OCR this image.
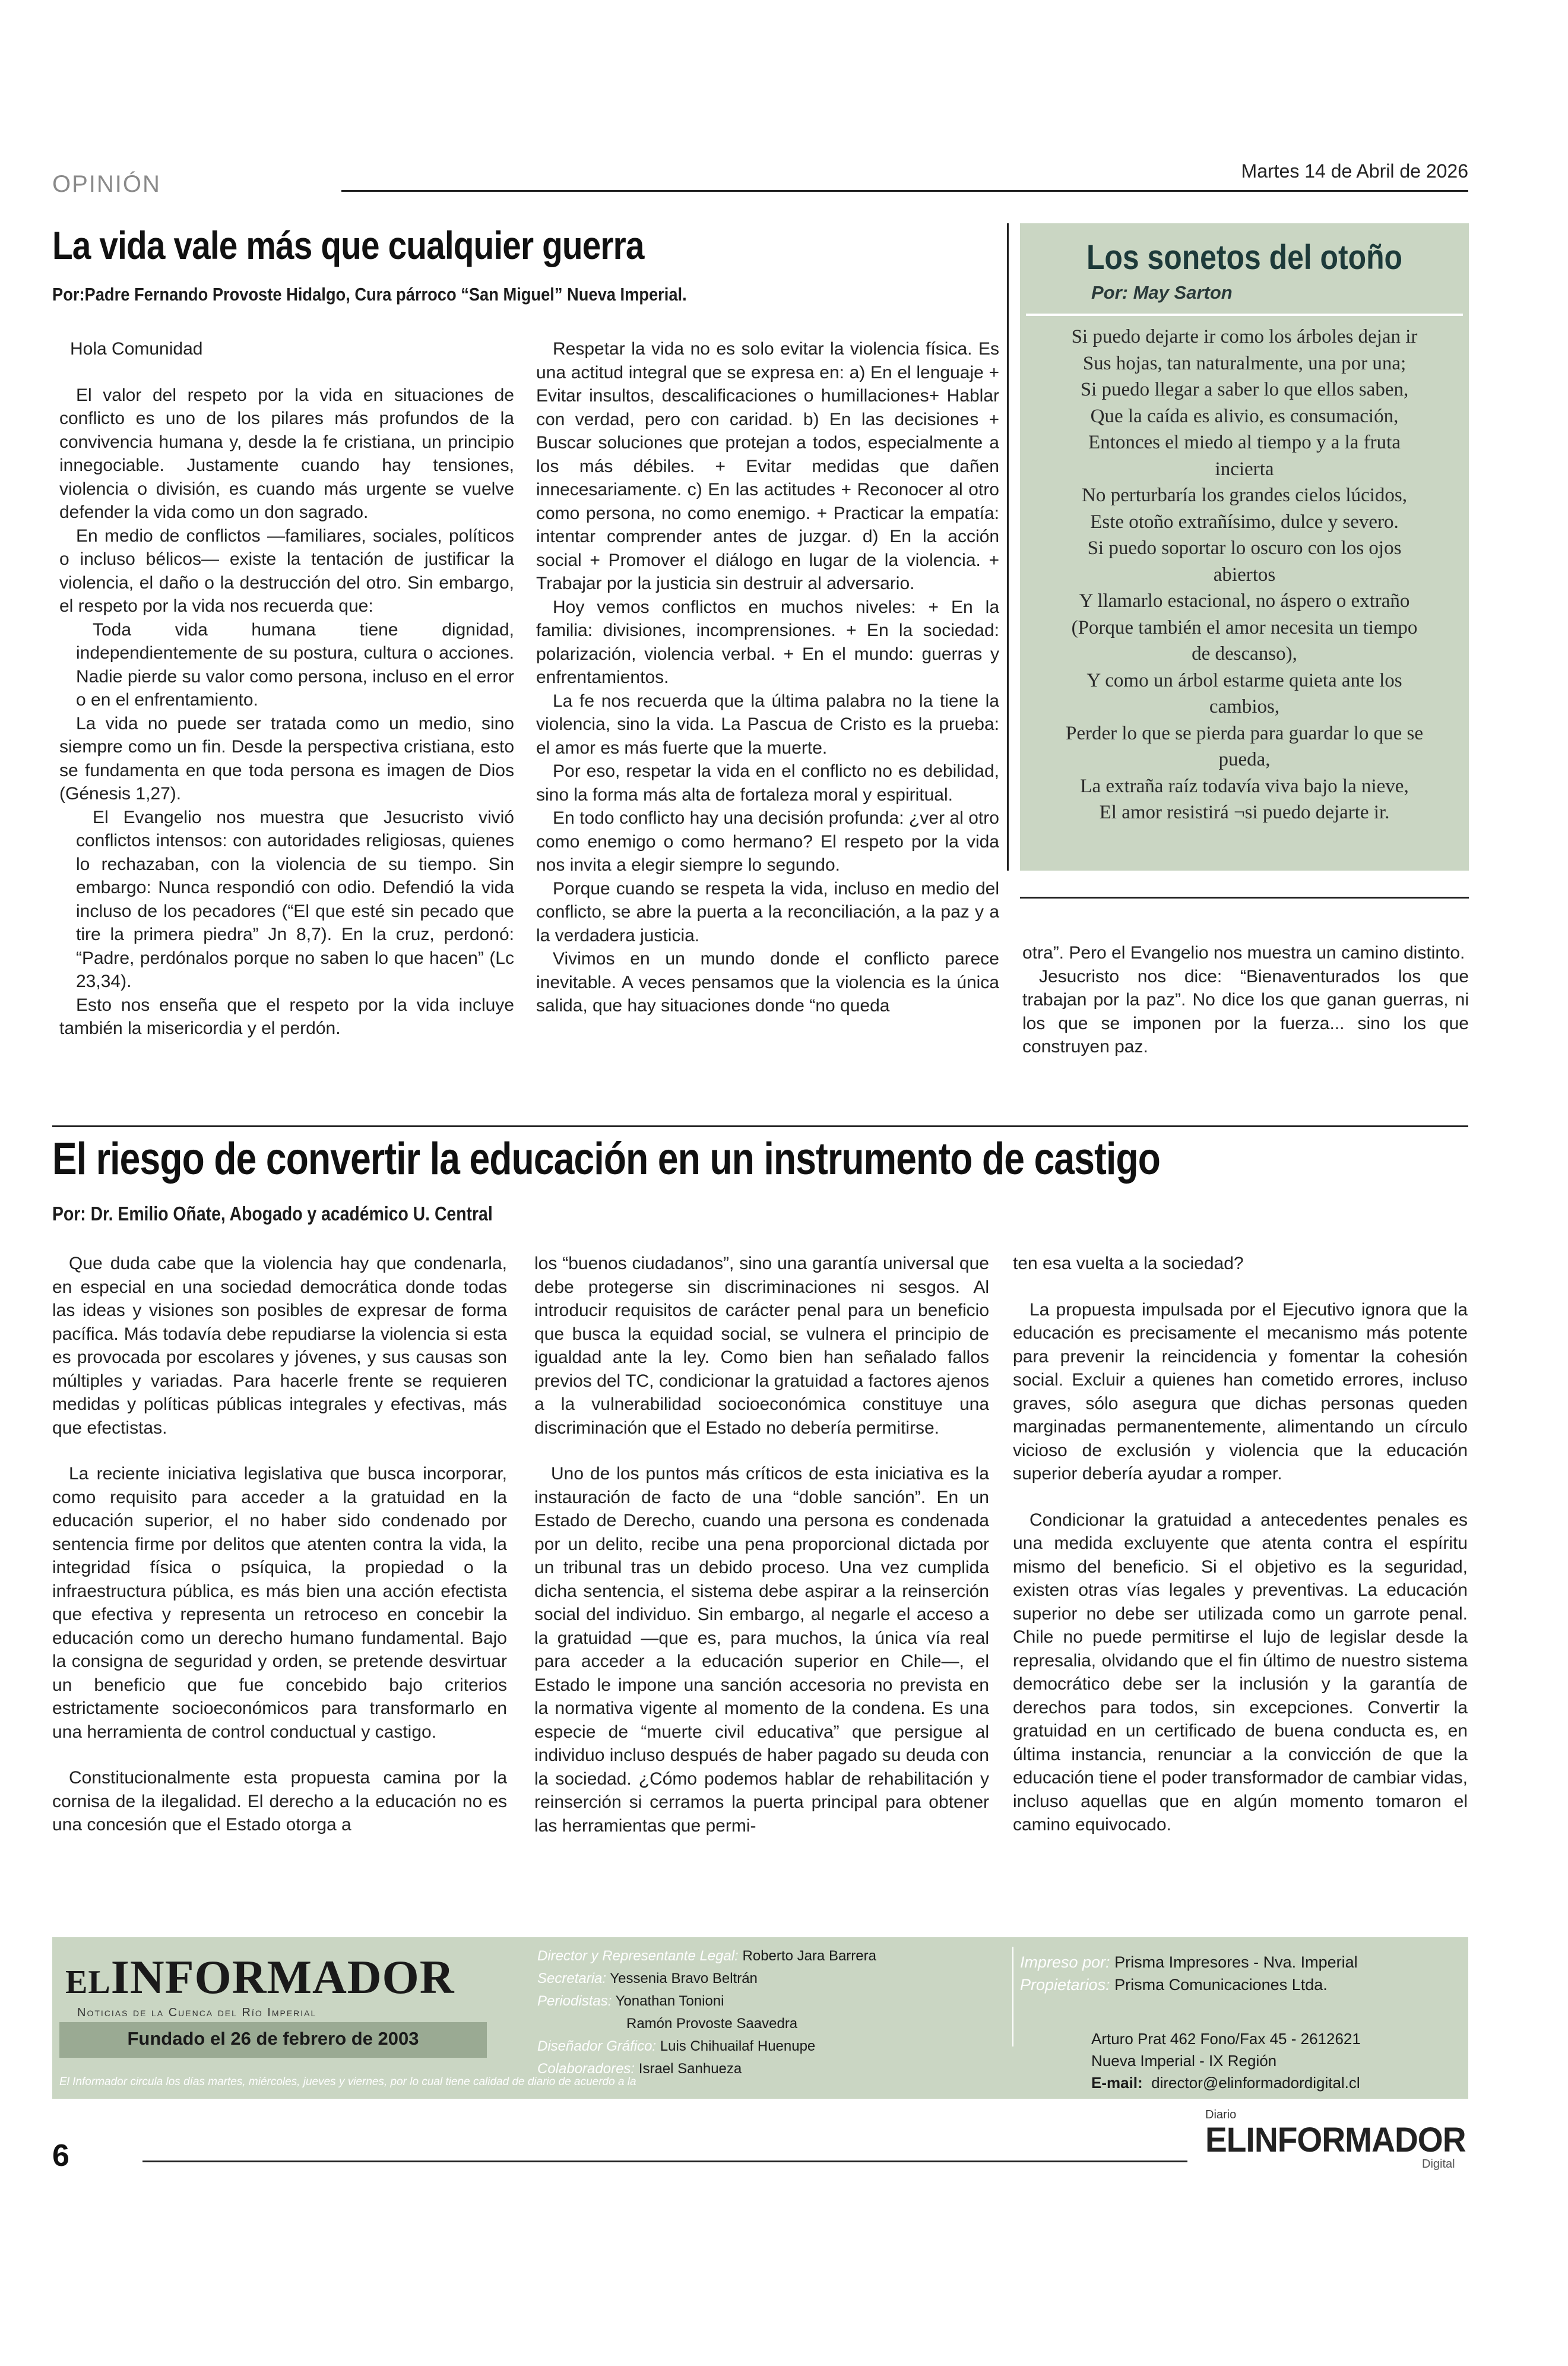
OPINIÓN	Martes 14 de Abril de 2026
La vida vale más que cualquier guerra
Por:Padre Fernando Provoste Hidalgo, Cura párroco “San Miguel” Nueva Imperial.

Hola Comunidad

El valor del respeto por la vida en situaciones de conflicto es uno de los pilares más profundos de la convivencia humana y, desde la fe cristiana, un principio innegociable. Justamente cuando hay tensiones, violencia o división, es cuando más urgente se vuelve defender la vida como un don sagrado.

En medio de conflictos —familiares, sociales, políticos o incluso bélicos— existe la tentación de justificar la violencia, el daño o la destrucción del otro. Sin embargo, el respeto por la vida nos recuerda que:

Toda vida humana tiene dignidad, independientemente de su postura, cultura o acciones. Nadie pierde su valor como persona, incluso en el error o en el enfrentamiento.

La vida no puede ser tratada como un medio, sino siempre como un fin. Desde la perspectiva cristiana, esto se fundamenta en que toda persona es imagen de Dios (Génesis 1,27).

El Evangelio nos muestra que Jesucristo vivió conflictos intensos: con autoridades religiosas, quienes lo rechazaban, con la violencia de su tiempo. Sin embargo: Nunca respondió con odio. Defendió la vida incluso de los pecadores (“El que esté sin pecado que tire la primera piedra” Jn 8,7). En la cruz, perdonó: “Padre, perdónalos porque no saben lo que hacen” (Lc 23,34).

Esto nos enseña que el respeto por la vida incluye también la misericordia y el perdón.

Respetar la vida no es solo evitar la violencia física. Es una actitud integral que se expresa en: a) En el lenguaje + Evitar insultos, descalificaciones o humillaciones+ Hablar con verdad, pero con caridad. b) En las decisiones + Buscar soluciones que protejan a todos, especialmente a los más débiles. + Evitar medidas que dañen innecesariamente. c) En las actitudes + Reconocer al otro como persona, no como enemigo. + Practicar la empatía: intentar comprender antes de juzgar. d) En la acción social + Promover el diálogo en lugar de la violencia. + Trabajar por la justicia sin destruir al adversario.

Hoy vemos conflictos en muchos niveles: + En la familia: divisiones, incomprensiones. + En la sociedad: polarización, violencia verbal. + En el mundo: guerras y enfrentamientos.

La fe nos recuerda que la última palabra no la tiene la violencia, sino la vida. La Pascua de Cristo es la prueba: el amor es más fuerte que la muerte.

Por eso, respetar la vida en el conflicto no es debilidad, sino la forma más alta de fortaleza moral y espiritual.

En todo conflicto hay una decisión profunda: ¿ver al otro como enemigo o como hermano? El respeto por la vida nos invita a elegir siempre lo segundo.

Porque cuando se respeta la vida, incluso en medio del conflicto, se abre la puerta a la reconciliación, a la paz y a la verdadera justicia.

Vivimos en un mundo donde el conflicto parece inevitable. A veces pensamos que la violencia es la única salida, que hay situaciones donde “no queda

Los sonetos del otoño
Por: May Sarton
Si puedo dejarte ir como los árboles dejan ir
Sus hojas, tan naturalmente, una por una;
Si puedo llegar a saber lo que ellos saben,
Que la caída es alivio, es consumación,
Entonces el miedo al tiempo y a la fruta
incierta
No perturbaría los grandes cielos lúcidos,
Este otoño extrañísimo, dulce y severo.
Si puedo soportar lo oscuro con los ojos
abiertos
Y llamarlo estacional, no áspero o extraño
(Porque también el amor necesita un tiempo
de descanso),
Y como un árbol estarme quieta ante los
cambios,
Perder lo que se pierda para guardar lo que se
pueda,
La extraña raíz todavía viva bajo la nieve,
El amor resistirá ¬si puedo dejarte ir.

otra”. Pero el Evangelio nos muestra un camino distinto.

Jesucristo nos dice: “Bienaventurados los que trabajan por la paz”. No dice los que ganan guerras, ni los que se imponen por la fuerza... sino los que construyen paz.

El riesgo de convertir la educación en un instrumento de castigo
Por: Dr. Emilio Oñate, Abogado y académico U. Central

Que duda cabe que la violencia hay que condenarla, en especial en una sociedad democrática donde todas las ideas y visiones son posibles de expresar de forma pacífica. Más todavía debe repudiarse la violencia si esta es provocada por escolares y jóvenes, y sus causas son múltiples y variadas. Para hacerle frente se requieren medidas y políticas públicas integrales y efectivas, más que efectistas.

La reciente iniciativa legislativa que busca incorporar, como requisito para acceder a la gratuidad en la educación superior, el no haber sido condenado por sentencia firme por delitos que atenten contra la vida, la integridad física o psíquica, la propiedad o la infraestructura pública, es más bien una acción efectista que efectiva y representa un retroceso en concebir la educación como un derecho humano fundamental. Bajo la consigna de seguridad y orden, se pretende desvirtuar un beneficio que fue concebido bajo criterios estrictamente socioeconómicos para transformarlo en una herramienta de control conductual y castigo.

Constitucionalmente esta propuesta camina por la cornisa de la ilegalidad. El derecho a la educación no es una concesión que el Estado otorga a

los “buenos ciudadanos”, sino una garantía universal que debe protegerse sin discriminaciones ni sesgos. Al introducir requisitos de carácter penal para un beneficio que busca la equidad social, se vulnera el principio de igualdad ante la ley. Como bien han señalado fallos previos del TC, condicionar la gratuidad a factores ajenos a la vulnerabilidad socioeconómica constituye una discriminación que el Estado no debería permitirse.

Uno de los puntos más críticos de esta iniciativa es la instauración de facto de una “doble sanción”. En un Estado de Derecho, cuando una persona es condenada por un delito, recibe una pena proporcional dictada por un tribunal tras un debido proceso. Una vez cumplida dicha sentencia, el sistema debe aspirar a la reinserción social del individuo. Sin embargo, al negarle el acceso a la gratuidad —que es, para muchos, la única vía real para acceder a la educación superior en Chile—, el Estado le impone una sanción accesoria no prevista en la normativa vigente al momento de la condena. Es una especie de “muerte civil educativa” que persigue al individuo incluso después de haber pagado su deuda con la sociedad. ¿Cómo podemos hablar de rehabilitación y reinserción si cerramos la puerta principal para obtener las herramientas que permi-

ten esa vuelta a la sociedad?

La propuesta impulsada por el Ejecutivo ignora que la educación es precisamente el mecanismo más potente para prevenir la reincidencia y fomentar la cohesión social. Excluir a quienes han cometido errores, incluso graves, sólo asegura que dichas personas queden marginadas permanentemente, alimentando un círculo vicioso de exclusión y violencia que la educación superior debería ayudar a romper.

Condicionar la gratuidad a antecedentes penales es una medida excluyente que atenta contra el espíritu mismo del beneficio. Si el objetivo es la seguridad, existen otras vías legales y preventivas. La educación superior no debe ser utilizada como un garrote penal. Chile no puede permitirse el lujo de legislar desde la represalia, olvidando que el fin último de nuestro sistema democrático debe ser la inclusión y la garantía de derechos para todos, sin excepciones. Convertir la gratuidad en un certificado de buena conducta es, en última instancia, renunciar a la convicción de que la educación tiene el poder transformador de cambiar vidas, incluso aquellas que en algún momento tomaron el camino equivocado.

ELINFORMADOR
Noticias de la Cuenca del Río Imperial
Fundado el 26 de febrero de 2003
Director y Representante Legal: Roberto Jara Barrera
Secretaria: Yessenia Bravo Beltrán
Periodistas: Yonathan Tonioni
Ramón Provoste Saavedra
Diseñador Gráfico: Luis Chihuailaf Huenupe
Colaboradores: Israel Sanhueza
Impreso por: Prisma Impresores - Nva. Imperial
Propietarios: Prisma Comunicaciones Ltda.
Arturo Prat 462 Fono/Fax 45 - 2612621
Nueva Imperial - IX Región
E-mail: director@elinformadordigital.cl
El Informador circula los días martes, miércoles, jueves y viernes, por lo cual tiene calidad de diario de acuerdo a la
6
Diario
ELINFORMADOR
Digital
